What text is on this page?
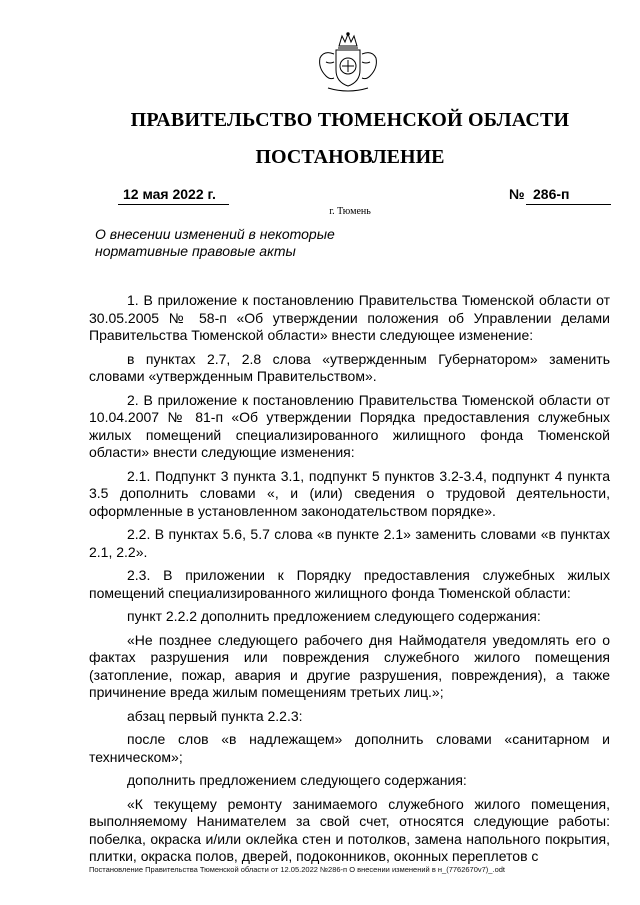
ПРАВИТЕЛЬСТВО ТЮМЕНСКОЙ ОБЛАСТИ
ПОСТАНОВЛЕНИЕ
12 мая 2022 г.	№ 286-п
г. Тюмень
О внесении изменений в некоторые
нормативные правовые акты

1. В приложение к постановлению Правительства Тюменской области от 30.05.2005 № 58-п «Об утверждении положения об Управлении делами Правительства Тюменской области» внести следующее изменение:

в пунктах 2.7, 2.8 слова «утвержденным Губернатором» заменить словами «утвержденным Правительством».

2. В приложение к постановлению Правительства Тюменской области от 10.04.2007 № 81-п «Об утверждении Порядка предоставления служебных жилых помещений специализированного жилищного фонда Тюменской области» внести следующие изменения:

2.1. Подпункт 3 пункта 3.1, подпункт 5 пунктов 3.2-3.4, подпункт 4 пункта 3.5 дополнить словами «, и (или) сведения о трудовой деятельности, оформленные в установленном законодательством порядке».

2.2. В пунктах 5.6, 5.7 слова «в пункте 2.1» заменить словами «в пунктах 2.1, 2.2».

2.3. В приложении к Порядку предоставления служебных жилых помещений специализированного жилищного фонда Тюменской области:

пункт 2.2.2 дополнить предложением следующего содержания:

«Не позднее следующего рабочего дня Наймодателя уведомлять его о фактах разрушения или повреждения служебного жилого помещения (затопление, пожар, авария и другие разрушения, повреждения), а также причинение вреда жилым помещениям третьих лиц.»;

абзац первый пункта 2.2.3:

после слов «в надлежащем» дополнить словами «санитарном и техническом»;

дополнить предложением следующего содержания:

«К текущему ремонту занимаемого служебного жилого помещения, выполняемому Нанимателем за свой счет, относятся следующие работы: побелка, окраска и/или оклейка стен и потолков, замена напольного покрытия, плитки, окраска полов, дверей, подоконников, оконных переплетов с

Постановление Правительства Тюменской области от 12.05.2022 №286-п О внесении изменений в н_(7762670v7)_.odt
